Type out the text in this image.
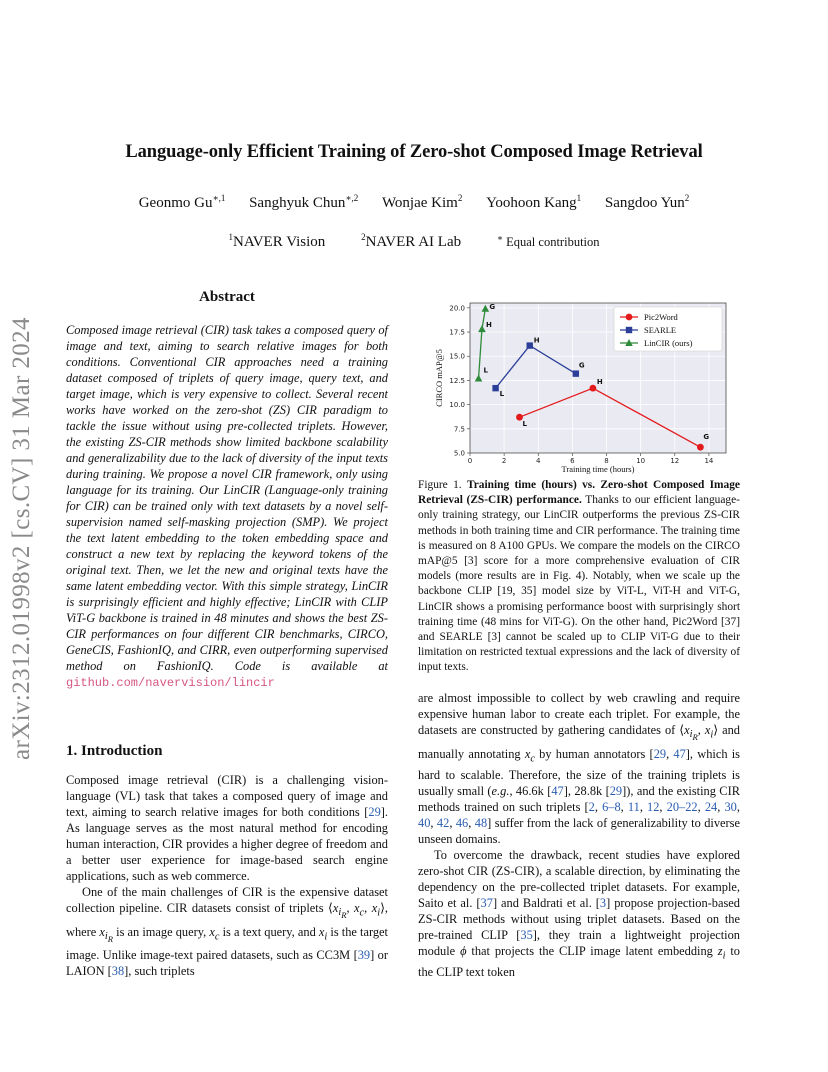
Language-only Efficient Training of Zero-shot Composed Image Retrieval
Geonmo $Gu^{∗,1}$ Sanghyuk Chun$^{∗,2}$ Wonjae Kim$^2$ Yoohoon Kang$^1$ Sangdoo Yun$^2$
$^1$NAVER Vision	$^2$NAVER AI Lab	∗ Equal contribution
arXiv:2312.01998v2 [cs.CV] 31 Mar 2024
Abstract
Composed image retrieval (CIR) task takes a composed query of image and text, aiming to search relative images for both conditions. Conventional CIR approaches need a training dataset composed of triplets of query image, query text, and target image, which is very expensive to collect. Several recent works have worked on the zero-shot (ZS) CIR paradigm to tackle the issue without using pre-collected triplets. However, the existing ZS-CIR methods show limited backbone scalability and generalizability due to the lack of diversity of the input texts during training. We propose a novel CIR framework, only using language for its training. Our LinCIR (Language-only training for CIR) can be trained only with text datasets by a novel self-supervision named self-masking projection (SMP). We project the text latent embedding to the token embedding space and construct a new text by replacing the keyword tokens of the original text. Then, we let the new and original texts have the same latent embedding vector. With this simple strategy, LinCIR is surprisingly efficient and highly effective; LinCIR with CLIP ViT-G backbone is trained in 48 minutes and shows the best ZS-CIR performances on four different CIR benchmarks, CIRCO, GeneCIS, FashionIQ, and CIRR, even outperforming supervised method on FashionIQ. Code is available at github.com/navervision/lincir
1. Introduction

Composed image retrieval (CIR) is a challenging vision-language (VL) task that takes a composed query of image and text, aiming to search relative images for both conditions [29]. As language serves as the most natural method for encoding human interaction, CIR provides a higher degree of freedom and a better user experience for image-based search engine applications, such as web commerce.

One of the main challenges of CIR is the expensive dataset collection pipeline. CIR datasets consist of triplets $⟨x_{i_R}$, $x_c$, $x_i⟩$, where $x_{i_R}$ is an image query, $x_c$ is a text query, and $x_i$ is the target image. Unlike image-text paired datasets, such as CC3M [39] or LAION [38], such triplets

0	2	4	6	8	10	12	14
5.0
7.5
10.0
12.5
15.0
17.5
20.0
Training time (hours)
CIRCO mAP@5
L
H
G
L
H
G
L
H
G
Pic2Word
SEARLE
LinCIR (ours)
Figure 1. Training time (hours) vs. Zero-shot Composed Image Retrieval (ZS-CIR) performance. Thanks to our efficient language-only training strategy, our LinCIR outperforms the previous ZS-CIR methods in both training time and CIR performance. The training time is measured on 8 A100 GPUs. We compare the models on the CIRCO mAP@5 [3] score for a more comprehensive evaluation of CIR models (more results are in Fig. 4). Notably, when we scale up the backbone CLIP [19, 35] model size by ViT-L, ViT-H and ViT-G, LinCIR shows a promising performance boost with surprisingly short training time (48 mins for ViT-G). On the other hand, Pic2Word [37] and SEARLE [3] cannot be scaled up to CLIP ViT-G due to their limitation on restricted textual expressions and the lack of diversity of input texts.

are almost impossible to collect by web crawling and require expensive human labor to create each triplet. For example, the datasets are constructed by gathering candidates of $⟨x_{i_R}$, $x_i⟩$ and manually annotating $x_c$ by human annotators [29, 47], which is hard to scalable. Therefore, the size of the training triplets is usually small (e.g., 46.6k [47], 28.8k [29]), and the existing CIR methods trained on such triplets [2, 6–8, 11, 12, 20–22, 24, 30, 40, 42, 46, 48] suffer from the lack of generalizability to diverse unseen domains.

To overcome the drawback, recent studies have explored zero-shot CIR (ZS-CIR), a scalable direction, by eliminating the dependency on the pre-collected triplet datasets. For example, Saito et al. [37] and Baldrati et al. [3] propose projection-based ZS-CIR methods without using triplet datasets. Based on the pre-trained CLIP [35], they train a lightweight projection module ϕ that projects the CLIP image latent embedding $z_i$ to the CLIP text token
